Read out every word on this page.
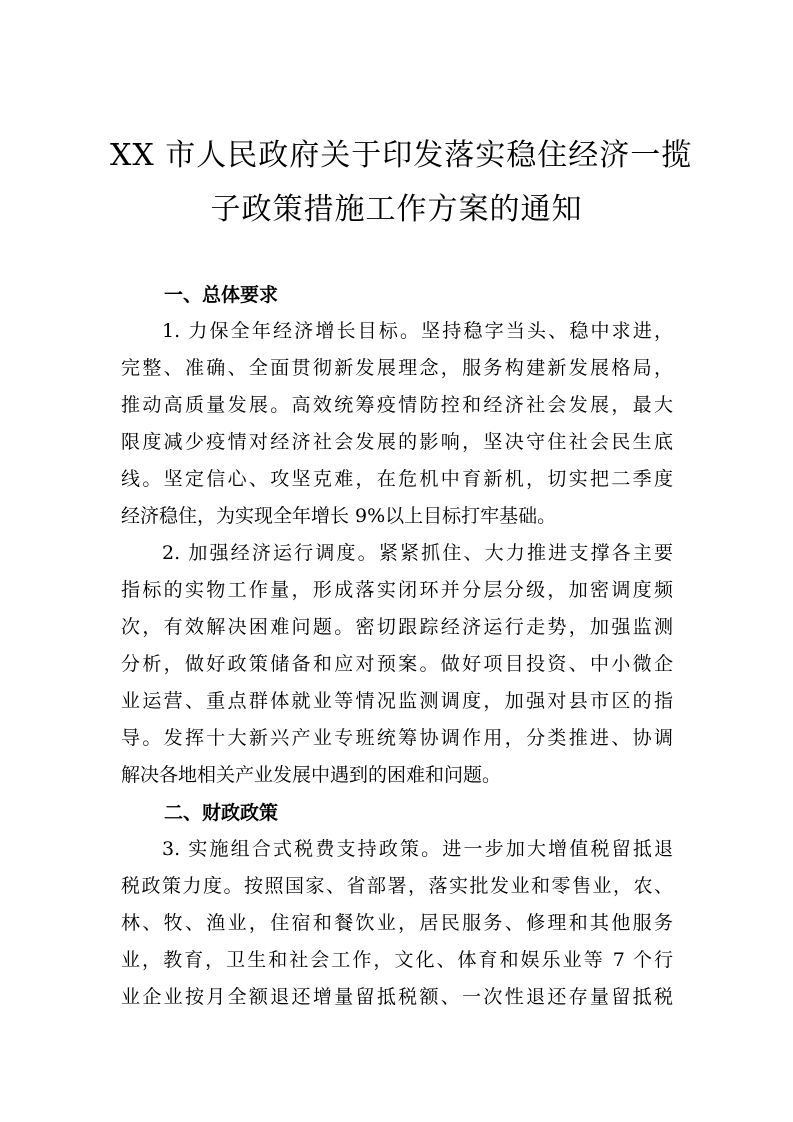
XX 市人民政府关于印发落实稳住经济一揽
子政策措施工作方案的通知
一、总体要求
1. 力保全年经济增长目标。坚持稳字当头、稳中求进，
完整、准确、全面贯彻新发展理念，服务构建新发展格局，
推动高质量发展。高效统筹疫情防控和经济社会发展，最大
限度减少疫情对经济社会发展的影响，坚决守住社会民生底
线。坚定信心、攻坚克难，在危机中育新机，切实把二季度
经济稳住，为实现全年增长 9%以上目标打牢基础。
2. 加强经济运行调度。紧紧抓住、大力推进支撑各主要
指标的实物工作量，形成落实闭环并分层分级，加密调度频
次，有效解决困难问题。密切跟踪经济运行走势，加强监测
分析，做好政策储备和应对预案。做好项目投资、中小微企
业运营、重点群体就业等情况监测调度，加强对县市区的指
导。发挥十大新兴产业专班统筹协调作用，分类推进、协调
解决各地相关产业发展中遇到的困难和问题。
二、财政政策
3. 实施组合式税费支持政策。进一步加大增值税留抵退
税政策力度。按照国家、省部署，落实批发业和零售业，农、
林、牧、渔业，住宿和餐饮业，居民服务、修理和其他服务
业，教育，卫生和社会工作，文化、体育和娱乐业等 7 个行
业企业按月全额退还增量留抵税额、一次性退还存量留抵税
